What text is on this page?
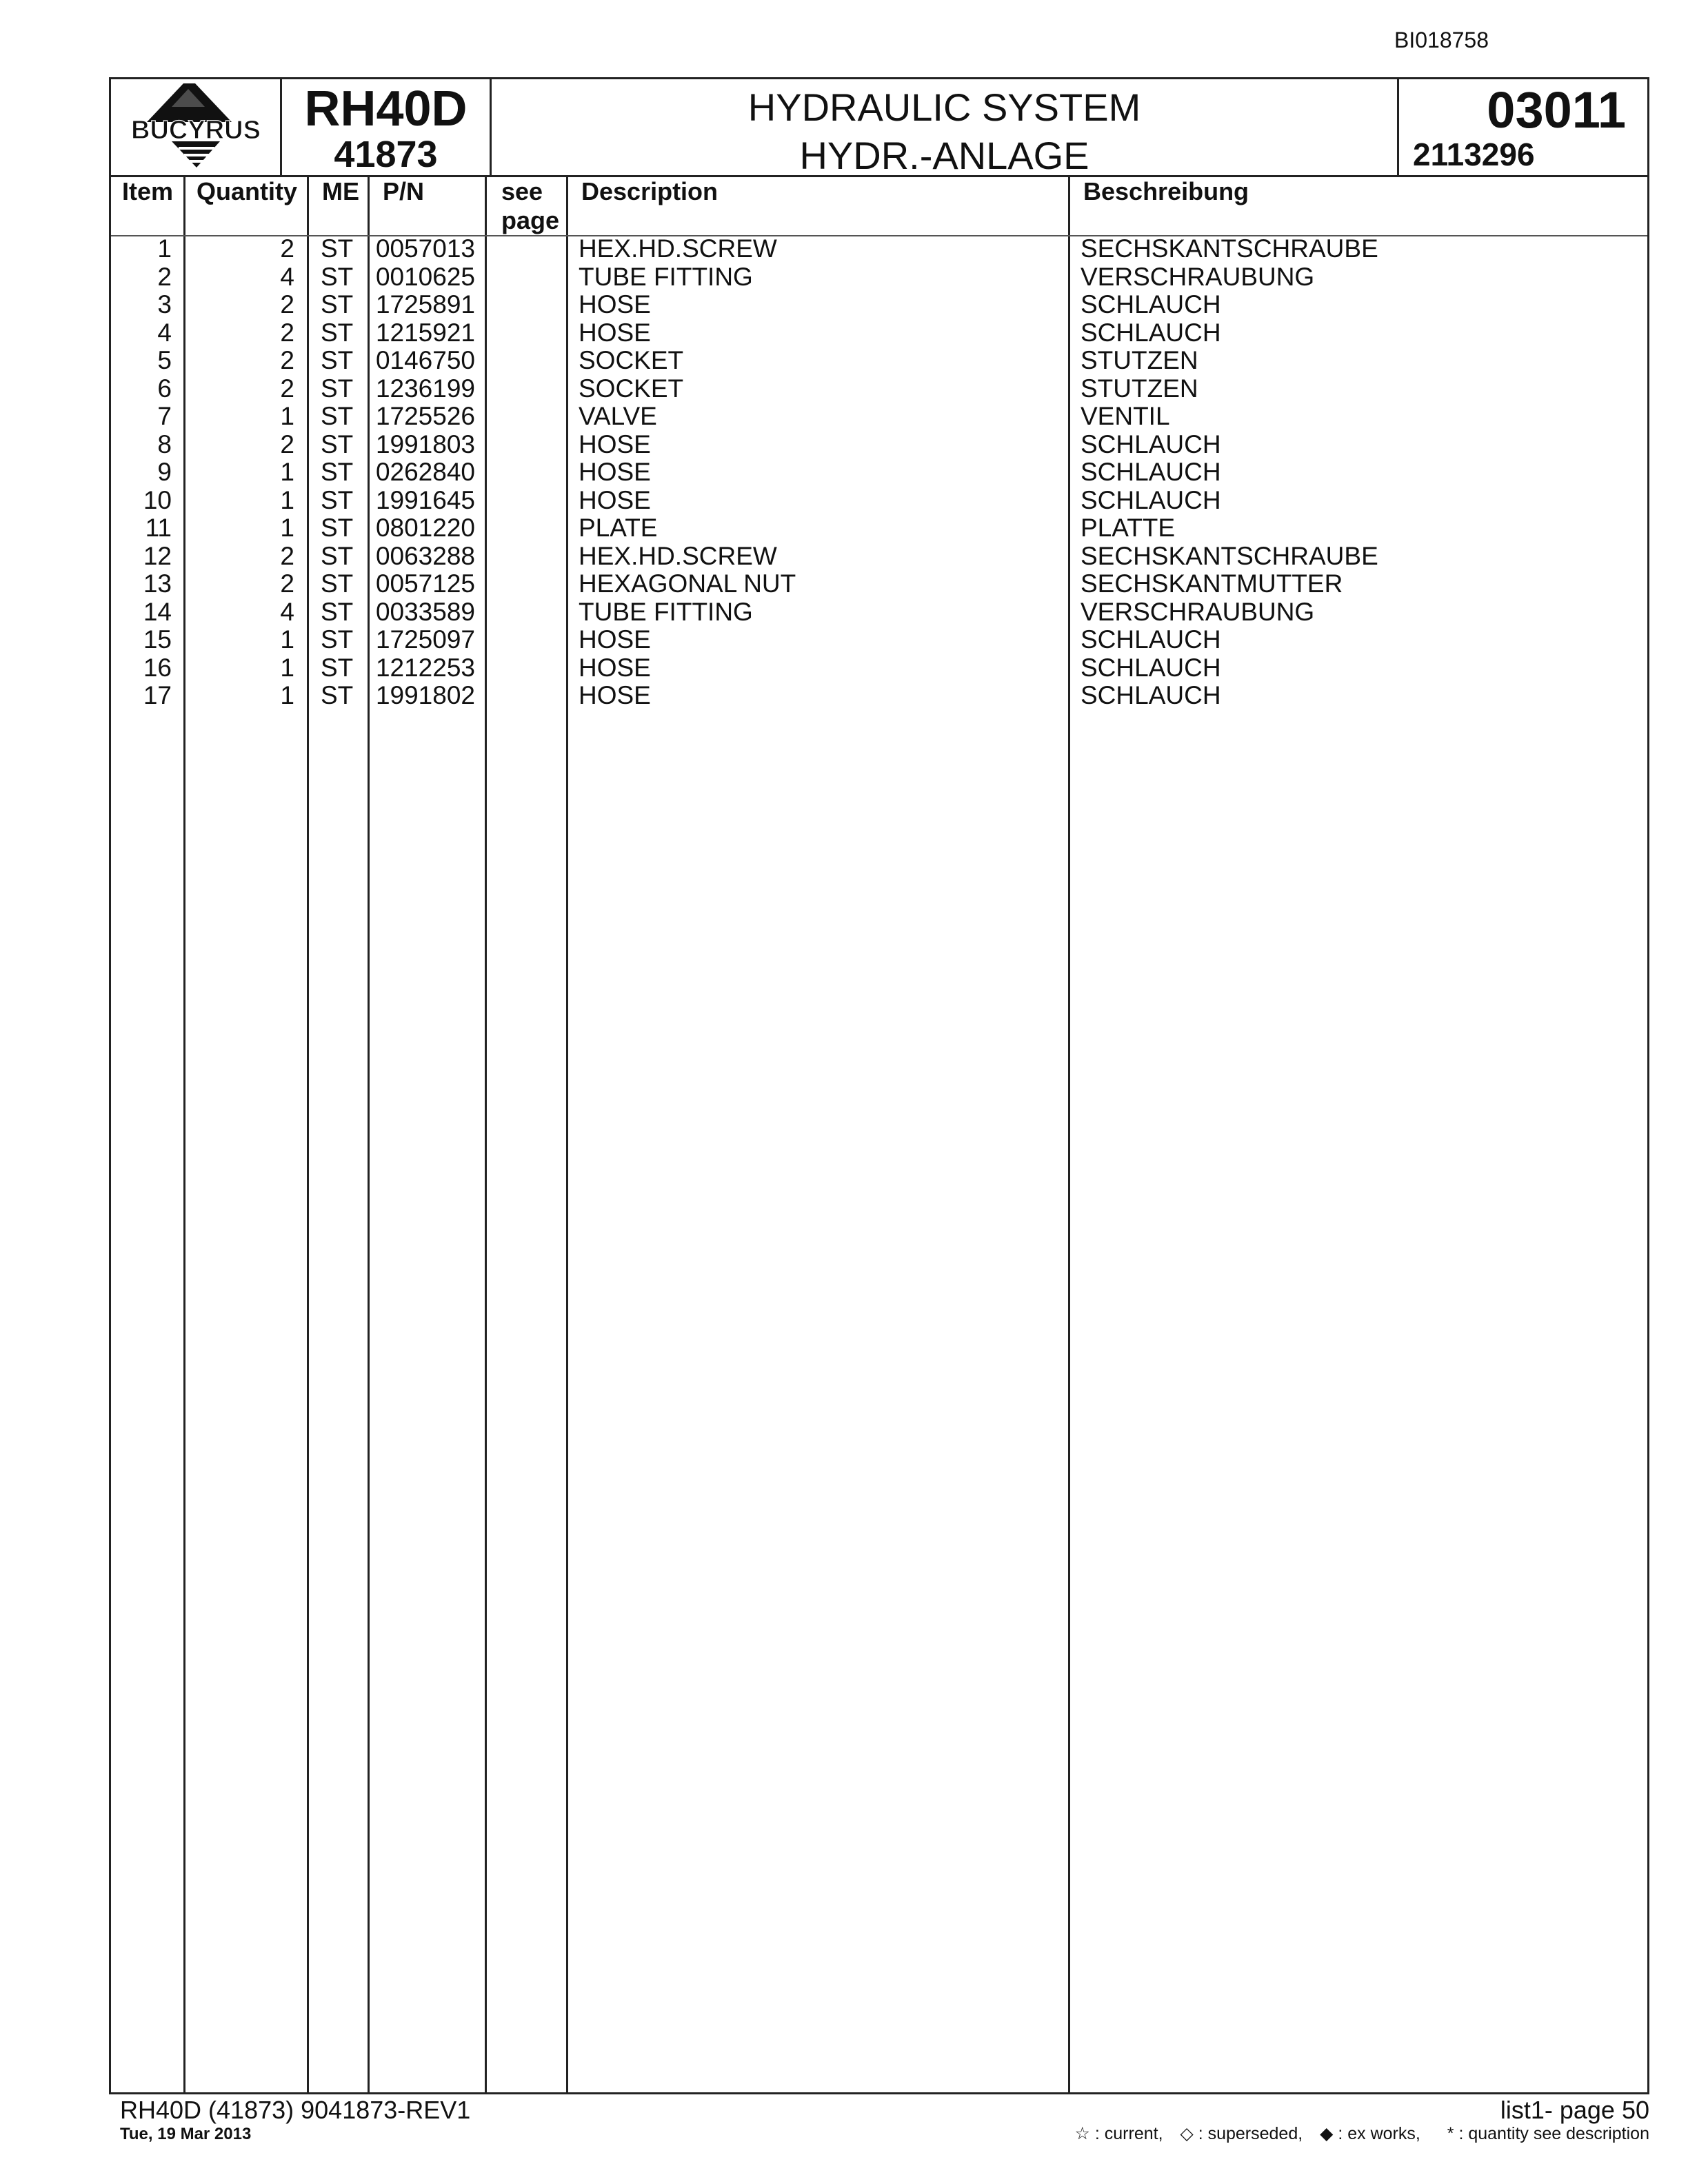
BI018758
BUCYRUS RH40D
41873
HYDRAULIC SYSTEM
HYDR.-ANLAGE
03011
2113296
Item Quantity ME P/N	see
page
Description	Beschreibung
1	2 ST 0057013	HEX.HD.SCREW	SECHSKANTSCHRAUBE
2	4 ST 0010625	TUBE FITTING	VERSCHRAUBUNG
3	2 ST 1725891	HOSE	SCHLAUCH
4	2 ST 1215921	HOSE	SCHLAUCH
5	2 ST 0146750	SOCKET	STUTZEN
6	2 ST 1236199	SOCKET	STUTZEN
7	1 ST 1725526	VALVE	VENTIL
8	2 ST 1991803	HOSE	SCHLAUCH
9	1 ST 0262840	HOSE	SCHLAUCH
10	1 ST 1991645	HOSE	SCHLAUCH
11	1 ST 0801220	PLATE	PLATTE
12	2 ST 0063288	HEX.HD.SCREW	SECHSKANTSCHRAUBE
13	2 ST 0057125	HEXAGONAL NUT	SECHSKANTMUTTER
14	4 ST 0033589	TUBE FITTING	VERSCHRAUBUNG
15	1 ST 1725097	HOSE	SCHLAUCH
16	1 ST 1212253	HOSE	SCHLAUCH
17	1 ST 1991802	HOSE	SCHLAUCH
RH40D (41873) 9041873-REV1
Tue, 19 Mar 2013
list1- page 50
☆ : current, ◇ : superseded, ◆ : ex works, * : quantity see description
